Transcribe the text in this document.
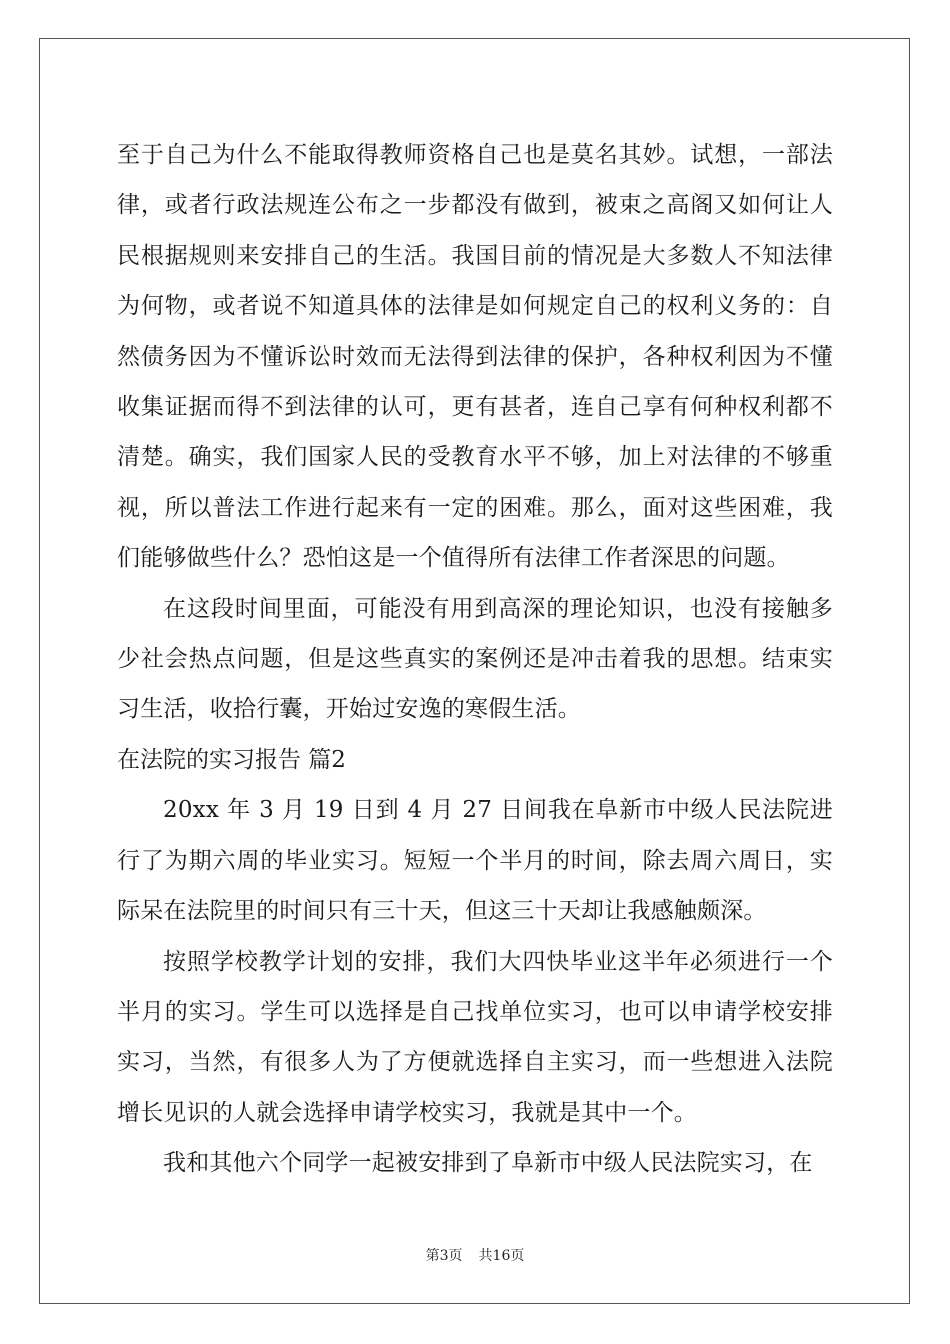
至于自己为什么不能取得教师资格自己也是莫名其妙。试想，一部法律，或者行政法规连公布之一步都没有做到，被束之高阁又如何让人民根据规则来安排自己的生活。我国目前的情况是大多数人不知法律为何物，或者说不知道具体的法律是如何规定自己的权利义务的：自然债务因为不懂诉讼时效而无法得到法律的保护，各种权利因为不懂收集证据而得不到法律的认可，更有甚者，连自己享有何种权利都不清楚。确实，我们国家人民的受教育水平不够，加上对法律的不够重视，所以普法工作进行起来有一定的困难。那么，面对这些困难，我们能够做些什么？恐怕这是一个值得所有法律工作者深思的问题。

在这段时间里面，可能没有用到高深的理论知识，也没有接触多少社会热点问题，但是这些真实的案例还是冲击着我的思想。结束实习生活，收拾行囊，开始过安逸的寒假生活。

在法院的实习报告 篇2

20xx 年 3 月 19 日到 4 月 27 日间我在阜新市中级人民法院进行了为期六周的毕业实习。短短一个半月的时间，除去周六周日，实际呆在法院里的时间只有三十天，但这三十天却让我感触颇深。

按照学校教学计划的安排，我们大四快毕业这半年必须进行一个半月的实习。学生可以选择是自己找单位实习，也可以申请学校安排实习，当然，有很多人为了方便就选择自主实习，而一些想进入法院增长见识的人就会选择申请学校实习，我就是其中一个。

我和其他六个同学一起被安排到了阜新市中级人民法院实习，在

第3页 共16页
